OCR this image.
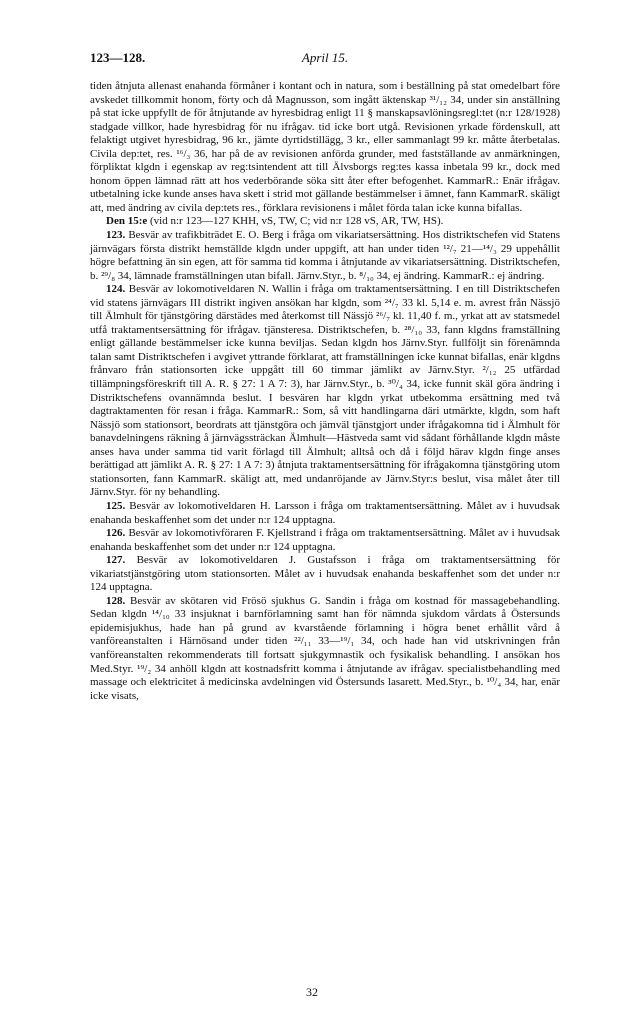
123—128.	April 15.

tiden åtnjuta allenast enahanda förmåner i kontant och in natura, som i beställning på stat omedelbart före avskedet tillkommit honom, förty och då Magnusson, som ingått äktenskap ³¹/₁₂ 34, under sin anställning på stat icke uppfyllt de för åtnjutande av hyresbidrag enligt 11 § manskapsavlöningsregl:tet (n:r 128/1928) stadgade villkor, hade hyresbidrag för nu ifrågav. tid icke bort utgå. Revisionen yrkade fördenskull, att felaktigt utgivet hyresbidrag, 96 kr., jämte dyrtidstillägg, 3 kr., eller sammanlagt 99 kr. måtte återbetalas. Civila dep:tet, res. ¹⁶/₃ 36, har på de av revisionen anförda grunder, med fastställande av anmärkningen, förpliktat klgdn i egenskap av reg:tsintendent att till Älvsborgs reg:tes kassa inbetala 99 kr., dock med honom öppen lämnad rätt att hos vederbörande söka sitt åter efter befogenhet. KammarR.: Enär ifrågav. utbetalning icke kunde anses hava skett i strid mot gällande bestämmelser i ämnet, fann KammarR. skäligt att, med ändring av civila dep:tets res., förklara revisionens i målet förda talan icke kunna bifallas.

Den 15:e (vid n:r 123—127 KHH, vS, TW, C; vid n:r 128 vS, AR, TW, HS).

123. Besvär av trafikbiträdet E. O. Berg i fråga om vikariatsersättning. Hos distriktschefen vid Statens järnvägars första distrikt hemställde klgdn under uppgift, att han under tiden ¹²/₇ 21—¹⁴/₃ 29 uppehållit högre befattning än sin egen, att för samma tid komma i åtnjutande av vikariatsersättning. Distriktschefen, b. ²⁹/₈ 34, lämnade framställningen utan bifall. Järnv.Styr., b. ⁸/₁₀ 34, ej ändring. KammarR.: ej ändring.

124. Besvär av lokomotiveldaren N. Wallin i fråga om traktamentsersättning. I en till Distriktschefen vid statens järnvägars III distrikt ingiven ansökan har klgdn, som ²⁴/₇ 33 kl. 5,14 e. m. avrest från Nässjö till Älmhult för tjänstgöring därstädes med återkomst till Nässjö ²⁶/₇ kl. 11,40 f. m., yrkat att av statsmedel utfå traktamentsersättning för ifrågav. tjänsteresa. Distriktschefen, b. ²⁸/₁₀ 33, fann klgdns framställning enligt gällande bestämmelser icke kunna beviljas. Sedan klgdn hos Järnv.Styr. fullföljt sin förenämnda talan samt Distriktschefen i avgivet yttrande förklarat, att framställningen icke kunnat bifallas, enär klgdns frånvaro från stationsorten icke uppgått till 60 timmar jämlikt av Järnv.Styr. ²/₁₂ 25 utfärdad tillämpningsföreskrift till A. R. § 27: 1 A 7: 3), har Järnv.Styr., b. ³⁰/₄ 34, icke funnit skäl göra ändring i Distriktschefens ovannämnda beslut. I besvären har klgdn yrkat utbekomma ersättning med två dagtraktamenten för resan i fråga. KammarR.: Som, så vitt handlingarna däri utmärkte, klgdn, som haft Nässjö som stationsort, beordrats att tjänstgöra och jämväl tjänstgjort under ifrågakomna tid i Älmhult för banavdelningens räkning å järnvägssträckan Älmhult—Hästveda samt vid sådant förhållande klgdn måste anses hava under samma tid varit förlagd till Älmhult; alltså och då i följd härav klgdn finge anses berättigad att jämlikt A. R. § 27: 1 A 7: 3) åtnjuta traktamentsersättning för ifrågakomna tjänstgöring utom stationsorten, fann KammarR. skäligt att, med undanröjande av Järnv.Styr:s beslut, visa målet åter till Järnv.Styr. för ny behandling.

125. Besvär av lokomotiveldaren H. Larsson i fråga om traktamentsersättning. Målet av i huvudsak enahanda beskaffenhet som det under n:r 124 upptagna.

126. Besvär av lokomotivföraren F. Kjellstrand i fråga om traktamentsersättning. Målet av i huvudsak enahanda beskaffenhet som det under n:r 124 upptagna.

127. Besvär av lokomotiveldaren J. Gustafsson i fråga om traktamentsersättning för vikariatstjänstgöring utom stationsorten. Målet av i huvudsak enahanda beskaffenhet som det under n:r 124 upptagna.

128. Besvär av skötaren vid Frösö sjukhus G. Sandin i fråga om kostnad för massagebehandling. Sedan klgdn ¹⁴/₁₀ 33 insjuknat i barnförlamning samt han för nämnda sjukdom vårdats å Östersunds epidemisjukhus, hade han på grund av kvarstående förlamning i högra benet erhållit vård å vanföreanstalten i Härnösand under tiden ²²/₁₁ 33—¹⁹/₁ 34, och hade han vid utskrivningen från vanföreanstalten rekommenderats till fortsatt sjukgymnastik och fysikalisk behandling. I ansökan hos Med.Styr. ¹⁹/₂ 34 anhöll klgdn att kostnadsfritt komma i åtnjutande av ifrågav. specialistbehandling med massage och elektricitet å medicinska avdelningen vid Östersunds lasarett. Med.Styr., b. ¹⁰/₄ 34, har, enär icke visats,

32
